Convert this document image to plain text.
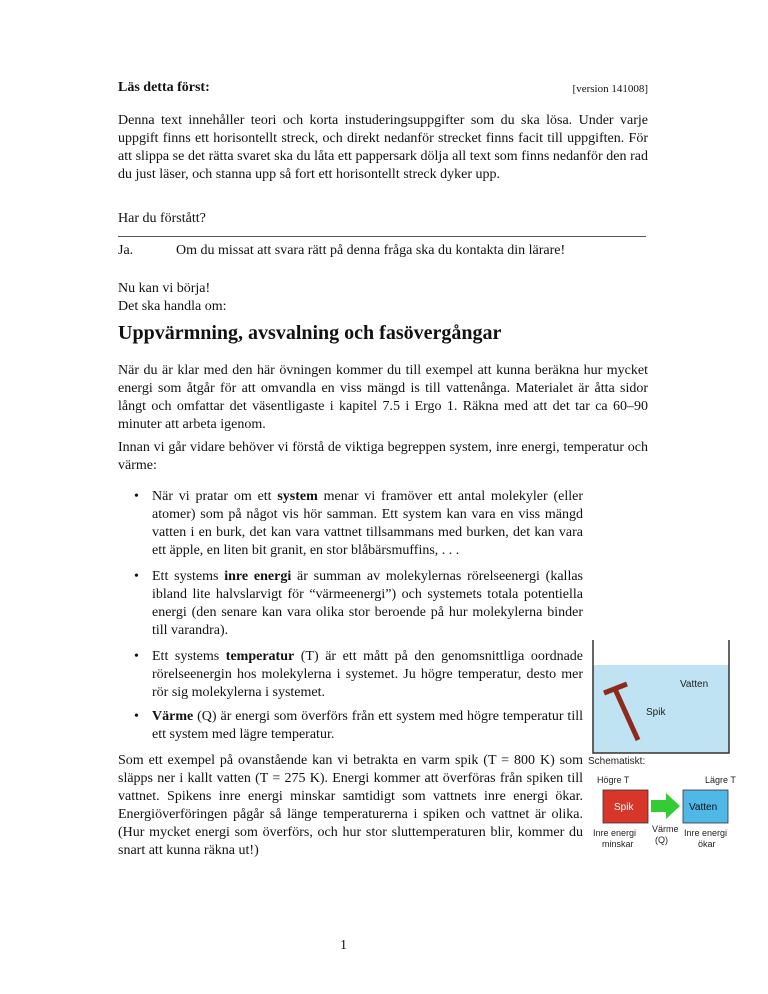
Läs detta först:	[version 141008]
Denna text innehåller teori och korta instuderingsuppgifter som du ska lösa. Under varje uppgift finns ett horisontellt streck, och direkt nedanför strecket finns facit till uppgiften. För att slippa se det rätta svaret ska du låta ett pappersark dölja all text som finns nedanför den rad du just läser, och stanna upp så fort ett horisontellt streck dyker upp.
Har du förstått?
Ja.	Om du missat att svara rätt på denna fråga ska du kontakta din lärare!
Nu kan vi börja!
Det ska handla om:
Uppvärmning, avsvalning och fasövergångar
När du är klar med den här övningen kommer du till exempel att kunna beräkna hur mycket energi som åtgår för att omvandla en viss mängd is till vattenånga. Materialet är åtta sidor långt och omfattar det väsentligaste i kapitel 7.5 i Ergo 1. Räkna med att det tar ca 60–90 minuter att arbeta igenom.
Innan vi går vidare behöver vi förstå de viktiga begreppen system, inre energi, temperatur och värme:
• När vi pratar om ett system menar vi framöver ett antal molekyler (eller atomer) som på något vis hör samman. Ett system kan vara en viss mängd vatten i en burk, det kan vara vattnet tillsammans med burken, det kan vara ett äpple, en liten bit granit, en stor blåbärsmuffins, . . .
• Ett systems inre energi är summan av molekylernas rörelseenergi (kallas ibland lite halvslarvigt för “värmeenergi”) och systemets totala potentiella energi (den senare kan vara olika stor beroende på hur molekylerna binder till varandra).
• Ett systems temperatur (T) är ett mått på den genomsnittliga oordnade rörelseenergin hos molekylerna i systemet. Ju högre temperatur, desto mer rör sig molekylerna i systemet.
• Värme (Q) är energi som överförs från ett system med högre temperatur till ett system med lägre temperatur.
Som ett exempel på ovanstående kan vi betrakta en varm spik (T = 800 K) som släpps ner i kallt vatten (T = 275 K). Energi kommer att överföras från spiken till vattnet. Spikens inre energi minskar samtidigt som vattnets inre energi ökar. Energiöverföringen pågår så länge temperaturerna i spiken och vattnet är olika. (Hur mycket energi som överförs, och hur stor sluttemperaturen blir, kommer du snart att kunna räkna ut!)
Vatten
Spik
Schematiskt:
Högre T	Lägre T
Spik	Vatten
Värme
(Q)
Inre energi
minskar
Inre energi
ökar
1
